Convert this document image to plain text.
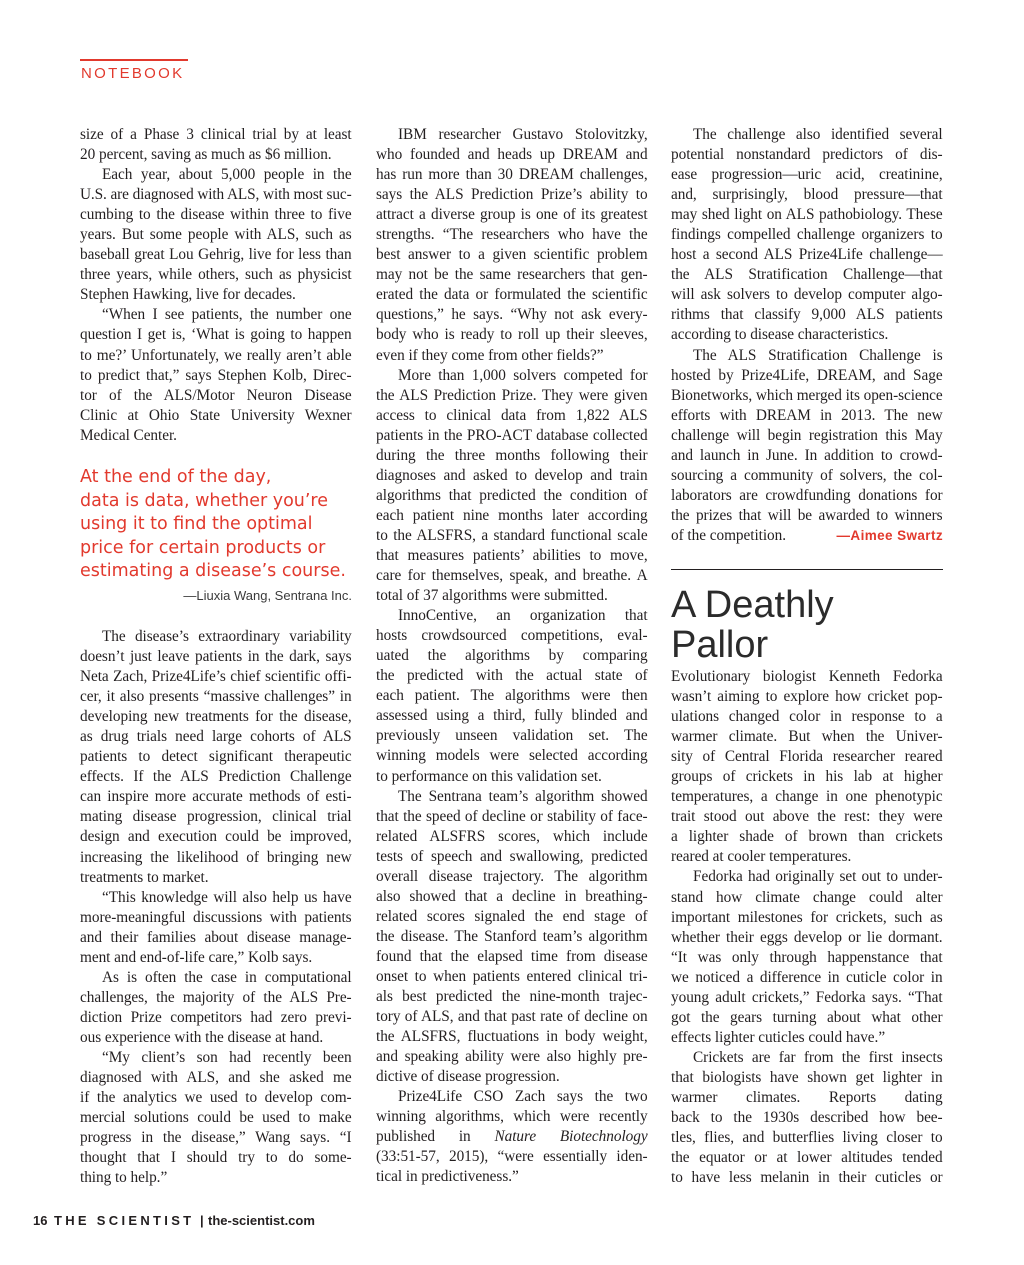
NOTEBOOK
size of a Phase 3 clinical trial by at least
20 percent, saving as much as $6 million.
Each year, about 5,000 people in the
U.S. are diagnosed with ALS, with most suc-
cumbing to the disease within three to five
years. But some people with ALS, such as
baseball great Lou Gehrig, live for less than
three years, while others, such as physicist
Stephen Hawking, live for decades.
“When I see patients, the number one
question I get is, ‘What is going to happen
to me?’ Unfortunately, we really aren’t able
to predict that,” says Stephen Kolb, Direc-
tor of the ALS/Motor Neuron Disease
Clinic at Ohio State University Wexner
Medical Center.
At the end of the day,
data is data, whether you’re
using it to find the optimal
price for certain products or
estimating a disease’s course.
—Liuxia Wang, Sentrana Inc.
The disease’s extraordinary variability
doesn’t just leave patients in the dark, says
Neta Zach, Prize4Life’s chief scientific offi-
cer, it also presents “massive challenges” in
developing new treatments for the disease,
as drug trials need large cohorts of ALS
patients to detect significant therapeutic
effects. If the ALS Prediction Challenge
can inspire more accurate methods of esti-
mating disease progression, clinical trial
design and execution could be improved,
increasing the likelihood of bringing new
treatments to market.
“This knowledge will also help us have
more-meaningful discussions with patients
and their families about disease manage-
ment and end-of-life care,” Kolb says.
As is often the case in computational
challenges, the majority of the ALS Pre-
diction Prize competitors had zero previ-
ous experience with the disease at hand.
“My client’s son had recently been
diagnosed with ALS, and she asked me
if the analytics we used to develop com-
mercial solutions could be used to make
progress in the disease,” Wang says. “I
thought that I should try to do some-
thing to help.”
IBM researcher Gustavo Stolovitzky,
who founded and heads up DREAM and
has run more than 30 DREAM challenges,
says the ALS Prediction Prize’s ability to
attract a diverse group is one of its greatest
strengths. “The researchers who have the
best answer to a given scientific problem
may not be the same researchers that gen-
erated the data or formulated the scientific
questions,” he says. “Why not ask every-
body who is ready to roll up their sleeves,
even if they come from other fields?”
More than 1,000 solvers competed for
the ALS Prediction Prize. They were given
access to clinical data from 1,822 ALS
patients in the PRO-ACT database collected
during the three months following their
diagnoses and asked to develop and train
algorithms that predicted the condition of
each patient nine months later according
to the ALSFRS, a standard functional scale
that measures patients’ abilities to move,
care for themselves, speak, and breathe. A
total of 37 algorithms were submitted.
InnoCentive, an organization that
hosts crowdsourced competitions, eval-
uated the algorithms by comparing
the predicted with the actual state of
each patient. The algorithms were then
assessed using a third, fully blinded and
previously unseen validation set. The
winning models were selected according
to performance on this validation set.
The Sentrana team’s algorithm showed
that the speed of decline or stability of face-
related ALSFRS scores, which include
tests of speech and swallowing, predicted
overall disease trajectory. The algorithm
also showed that a decline in breathing-
related scores signaled the end stage of
the disease. The Stanford team’s algorithm
found that the elapsed time from disease
onset to when patients entered clinical tri-
als best predicted the nine-month trajec-
tory of ALS, and that past rate of decline on
the ALSFRS, fluctuations in body weight,
and speaking ability were also highly pre-
dictive of disease progression.
Prize4Life CSO Zach says the two
winning algorithms, which were recently
published in Nature Biotechnology
(33:51-57, 2015), “were essentially iden-
tical in predictiveness.”
The challenge also identified several
potential nonstandard predictors of dis-
ease progression—uric acid, creatinine,
and, surprisingly, blood pressure—that
may shed light on ALS pathobiology. These
findings compelled challenge organizers to
host a second ALS Prize4Life challenge—
the ALS Stratification Challenge—that
will ask solvers to develop computer algo-
rithms that classify 9,000 ALS patients
according to disease characteristics.
The ALS Stratification Challenge is
hosted by Prize4Life, DREAM, and Sage
Bionetworks, which merged its open-science
efforts with DREAM in 2013. The new
challenge will begin registration this May
and launch in June. In addition to crowd-
sourcing a community of solvers, the col-
laborators are crowdfunding donations for
the prizes that will be awarded to winners
of the competition.	—Aimee Swartz
A Deathly
Pallor
Evolutionary biologist Kenneth Fedorka
wasn’t aiming to explore how cricket pop-
ulations changed color in response to a
warmer climate. But when the Univer-
sity of Central Florida researcher reared
groups of crickets in his lab at higher
temperatures, a change in one phenotypic
trait stood out above the rest: they were
a lighter shade of brown than crickets
reared at cooler temperatures.
Fedorka had originally set out to under-
stand how climate change could alter
important milestones for crickets, such as
whether their eggs develop or lie dormant.
“It was only through happenstance that
we noticed a difference in cuticle color in
young adult crickets,” Fedorka says. “That
got the gears turning about what other
effects lighter cuticles could have.”
Crickets are far from the first insects
that biologists have shown get lighter in
warmer climates. Reports dating
back to the 1930s described how bee-
tles, flies, and butterflies living closer to
the equator or at lower altitudes tended
to have less melanin in their cuticles or
16 THE SCIENTIST | the-scientist.com
